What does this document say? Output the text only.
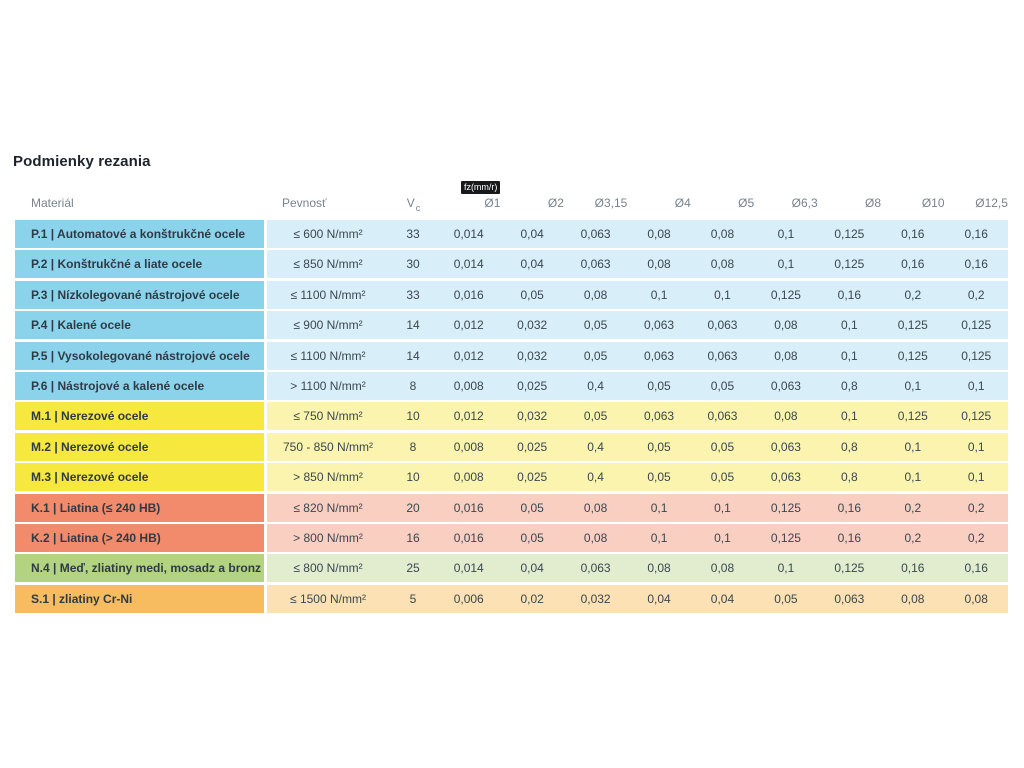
Podmienky rezania
Materiál	Pevnosť	V c
fz(mm/r)
Ø1	Ø2	Ø3,15	Ø4	Ø5	Ø6,3	Ø8	Ø10	Ø12,5
P.1 | Automatové a konštrukčné ocele	≤ 600 N/mm²	33	0,014	0,04	0,063	0,08	0,08	0,1	0,125	0,16	0,16
P.2 | Konštrukčné a liate ocele	≤ 850 N/mm²	30	0,014	0,04	0,063	0,08	0,08	0,1	0,125	0,16	0,16
P.3 | Nízkolegované nástrojové ocele	≤ 1100 N/mm²	33	0,016	0,05	0,08	0,1	0,1	0,125	0,16	0,2	0,2
P.4 | Kalené ocele	≤ 900 N/mm²	14	0,012	0,032	0,05	0,063	0,063	0,08	0,1	0,125	0,125
P.5 | Vysokolegované nástrojové ocele	≤ 1100 N/mm²	14	0,012	0,032	0,05	0,063	0,063	0,08	0,1	0,125	0,125
P.6 | Nástrojové a kalené ocele	> 1100 N/mm²	8	0,008	0,025	0,4	0,05	0,05	0,063	0,8	0,1	0,1
M.1 | Nerezové ocele	≤ 750 N/mm²	10	0,012	0,032	0,05	0,063	0,063	0,08	0,1	0,125	0,125
M.2 | Nerezové ocele	750 - 850 N/mm²	8	0,008	0,025	0,4	0,05	0,05	0,063	0,8	0,1	0,1
M.3 | Nerezové ocele	> 850 N/mm²	10	0,008	0,025	0,4	0,05	0,05	0,063	0,8	0,1	0,1
K.1 | Liatina (≤ 240 HB)	≤ 820 N/mm²	20	0,016	0,05	0,08	0,1	0,1	0,125	0,16	0,2	0,2
K.2 | Liatina (> 240 HB)	> 800 N/mm²	16	0,016	0,05	0,08	0,1	0,1	0,125	0,16	0,2	0,2
N.4 | Meď, zliatiny medi, mosadz a bronz	≤ 800 N/mm²	25	0,014	0,04	0,063	0,08	0,08	0,1	0,125	0,16	0,16
S.1 | zliatiny Cr-Ni	≤ 1500 N/mm²	5	0,006	0,02	0,032	0,04	0,04	0,05	0,063	0,08	0,08
